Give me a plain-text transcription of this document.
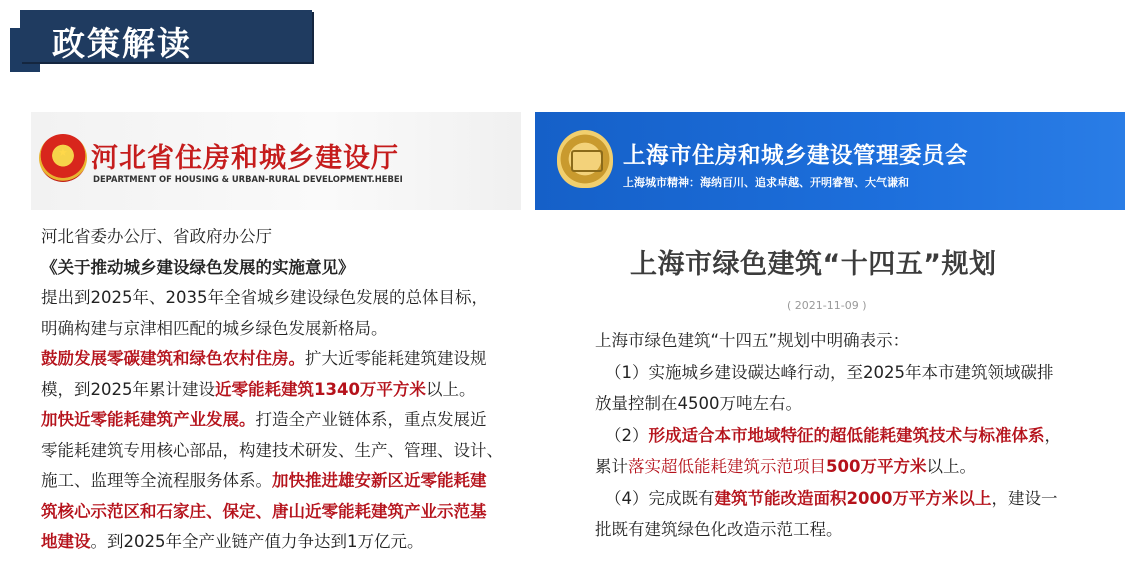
政策解读
★ 河北省住房和城乡建设厅
DEPARTMENT OF HOUSING & URBAN-RURAL DEVELOPMENT.HEBEI
上海市住房和城乡建设管理委员会
上海城市精神：海纳百川、追求卓越、开明睿智、大气谦和
河北省委办公厅、省政府办公厅
《关于推动城乡建设绿色发展的实施意见》
提出到2025年、2035年全省城乡建设绿色发展的总体目标，
明确构建与京津相匹配的城乡绿色发展新格局。
鼓励发展零碳建筑和绿色农村住房。扩大近零能耗建筑建设规
模，到2025年累计建设近零能耗建筑1340万平方米以上。
加快近零能耗建筑产业发展。打造全产业链体系，重点发展近
零能耗建筑专用核心部品，构建技术研发、生产、管理、设计、
施工、监理等全流程服务体系。加快推进雄安新区近零能耗建
筑核心示范区和石家庄、保定、唐山近零能耗建筑产业示范基
地建设。到2025年全产业链产值力争达到1万亿元。
上海市绿色建筑“十四五”规划
( 2021-11-09 )
上海市绿色建筑“十四五”规划中明确表示：
（1）实施城乡建设碳达峰行动，至2025年本市建筑领域碳排
放量控制在4500万吨左右。
（2）形成适合本市地域特征的超低能耗建筑技术与标准体系，
累计落实超低能耗建筑示范项目500万平方米以上。
（4）完成既有建筑节能改造面积2000万平方米以上，建设一
批既有建筑绿色化改造示范工程。
